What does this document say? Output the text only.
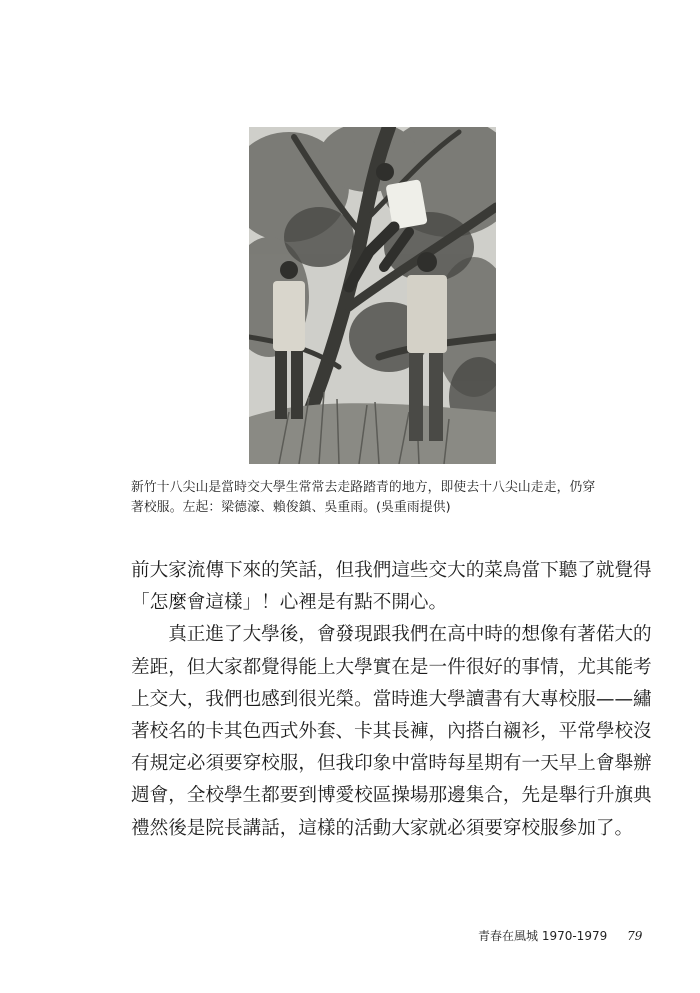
新竹十八尖山是當時交大學生常常去走路踏青的地方，即使去十八尖山走走，仍穿

著校服。左起：梁德濠、賴俊鎮、吳重雨。(吳重雨提供)

前大家流傳下來的笑話，但我們這些交大的菜鳥當下聽了就覺得

「怎麼會這樣」！心裡是有點不開心。

　　真正進了大學後，會發現跟我們在高中時的想像有著偌大的

差距，但大家都覺得能上大學實在是一件很好的事情，尤其能考

上交大，我們也感到很光榮。當時進大學讀書有大專校服——繡

著校名的卡其色西式外套、卡其長褲，內搭白襯衫，平常學校沒

有規定必須要穿校服，但我印象中當時每星期有一天早上會舉辦

週會，全校學生都要到博愛校區操場那邊集合，先是舉行升旗典

禮然後是院長講話，這樣的活動大家就必須要穿校服參加了。

青春在風城 1970-1979 79
